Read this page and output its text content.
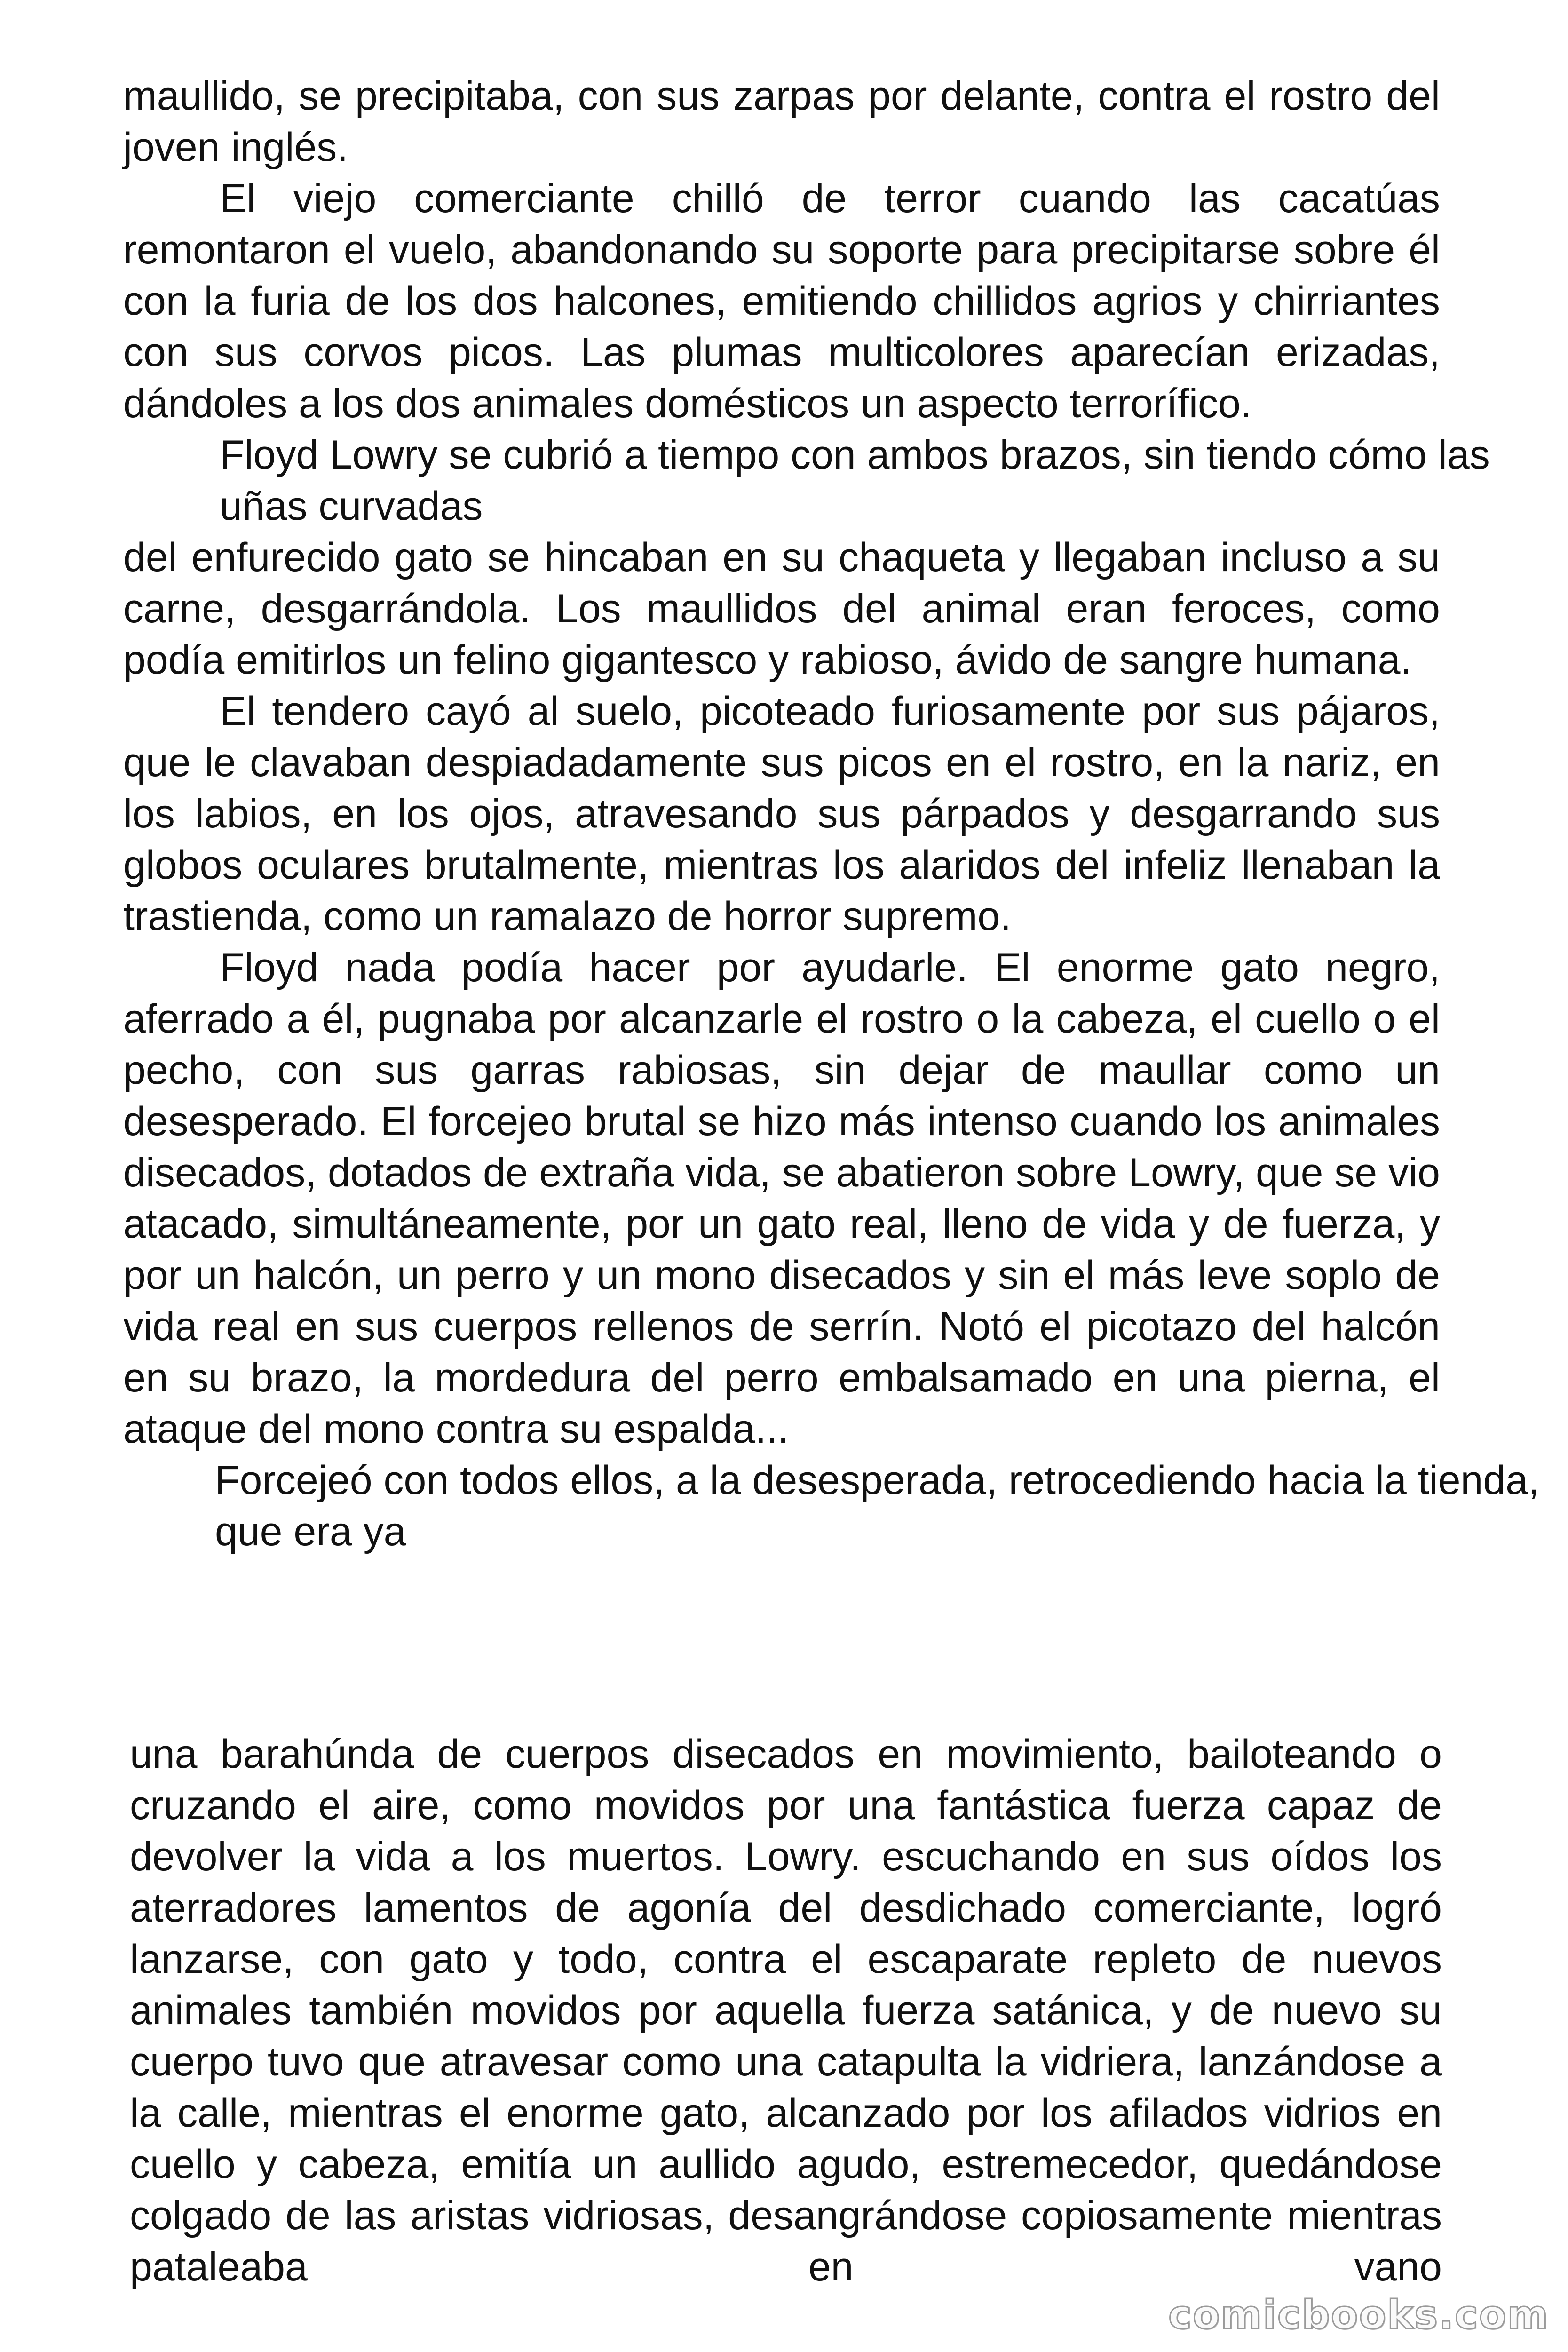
maullido, se precipitaba, con sus zarpas por delante, contra el rostro del joven inglés.

El viejo comerciante chilló de terror cuando las cacatúas remontaron el vuelo, abandonando su soporte para precipitarse sobre él con la furia de los dos halcones, emitiendo chillidos agrios y chirriantes con sus corvos picos. Las plumas multicolores aparecían erizadas, dándoles a los dos animales domésticos un aspecto terrorífico.

Floyd Lowry se cubrió a tiempo con ambos brazos, sin tiendo cómo las uñas curvadas

del enfurecido gato se hincaban en su chaqueta y llegaban incluso a su carne, desgarrándola. Los maullidos del animal eran feroces, como podía emitirlos un felino gigantesco y rabioso, ávido de sangre humana.

El tendero cayó al suelo, picoteado furiosamente por sus pájaros, que le clavaban despiadadamente sus picos en el rostro, en la nariz, en los labios, en los ojos, atravesando sus párpados y desgarrando sus globos oculares brutalmente, mientras los alaridos del infeliz llenaban la trastienda, como un ramalazo de horror supremo.

Floyd nada podía hacer por ayudarle. El enorme gato negro, aferrado a él, pugnaba por alcanzarle el rostro o la cabeza, el cuello o el pecho, con sus garras rabiosas, sin dejar de maullar como un desesperado. El forcejeo brutal se hizo más intenso cuando los animales disecados, dotados de extraña vida, se abatieron sobre Lowry, que se vio atacado, simultáneamente, por un gato real, lleno de vida y de fuerza, y por un halcón, un perro y un mono disecados y sin el más leve soplo de vida real en sus cuerpos rellenos de serrín. Notó el picotazo del halcón en su brazo, la mordedura del perro embalsamado en una pierna, el ataque del mono contra su espalda...

Forcejeó con todos ellos, a la desesperada, retrocediendo hacia la tienda, que era ya

una barahúnda de cuerpos disecados en movimiento, bailoteando o cruzando el aire, como movidos por una fantástica fuerza capaz de devolver la vida a los muertos. Lowry. escuchando en sus oídos los aterradores lamentos de agonía del desdichado comerciante, logró lanzarse, con gato y todo, contra el escaparate repleto de nuevos animales también movidos por aquella fuerza satánica, y de nuevo su cuerpo tuvo que atravesar como una catapulta la vidriera, lanzándose a la calle, mientras el enorme gato, alcanzado por los afilados vidrios en cuello y cabeza, emitía un aullido agudo, estremecedor, quedándose colgado de las aristas vidriosas, desangrándose copiosamente mientras pataleaba en vano

comicbooks.com
